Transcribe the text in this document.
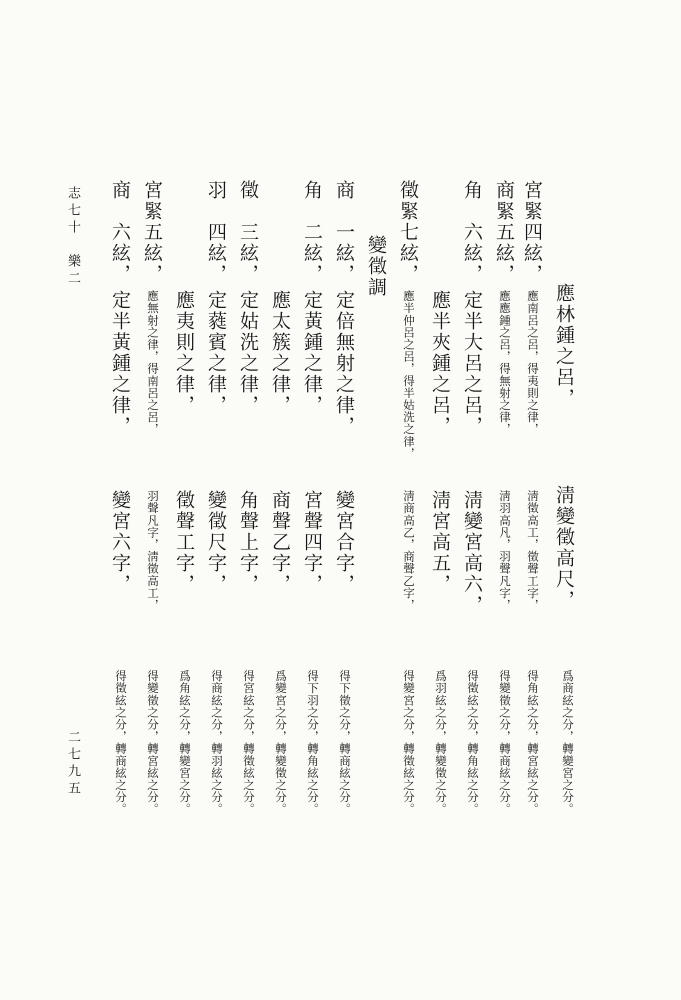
應林鍾之呂，
淸變徵高尺，
爲商絃之分，轉變宮之分。
宮緊四絃，
應南呂之呂，得夷則之律，
淸徵高工，徵聲工字，
得角絃之分，轉宮絃之分。
商緊五絃，
應應鍾之呂，得無射之律，
淸羽高凡，羽聲凡字，
得變徵之分，轉商絃之分。
角　六絃，
定半大呂之呂，
淸變宮高六，
得徵絃之分，轉角絃之分。
應半夾鍾之呂，
淸宮高五，
爲羽絃之分，轉變徵之分。
徵緊七絃，
應半仲呂之呂，得半姑洗之律，
淸商高乙，商聲乙字，
得變宮之分，轉徵絃之分。
變徵調
商　一絃，
定倍無射之律，
變宮合字，
得下徵之分，轉商絃之分。
角　二絃，
定黃鍾之律，
宮聲四字，
得下羽之分，轉角絃之分。
應太簇之律，
商聲乙字，
爲變宮之分，轉變徵之分。
徵　三絃，
定姑洗之律，
角聲上字，
得宮絃之分，轉徵絃之分。
羽　四絃，
定蕤賓之律，
變徵尺字，
得商絃之分，轉羽絃之分。
應夷則之律，
徵聲工字，
爲角絃之分，轉變宮之分。
宮緊五絃，
應無射之律，得南呂之呂，
羽聲凡字，淸徵高工，
得變徵之分，轉宮絃之分。
商　六絃，
定半黃鍾之律，
變宮六字，
得徵絃之分，轉商絃之分。
志七十　樂二
二七九五
